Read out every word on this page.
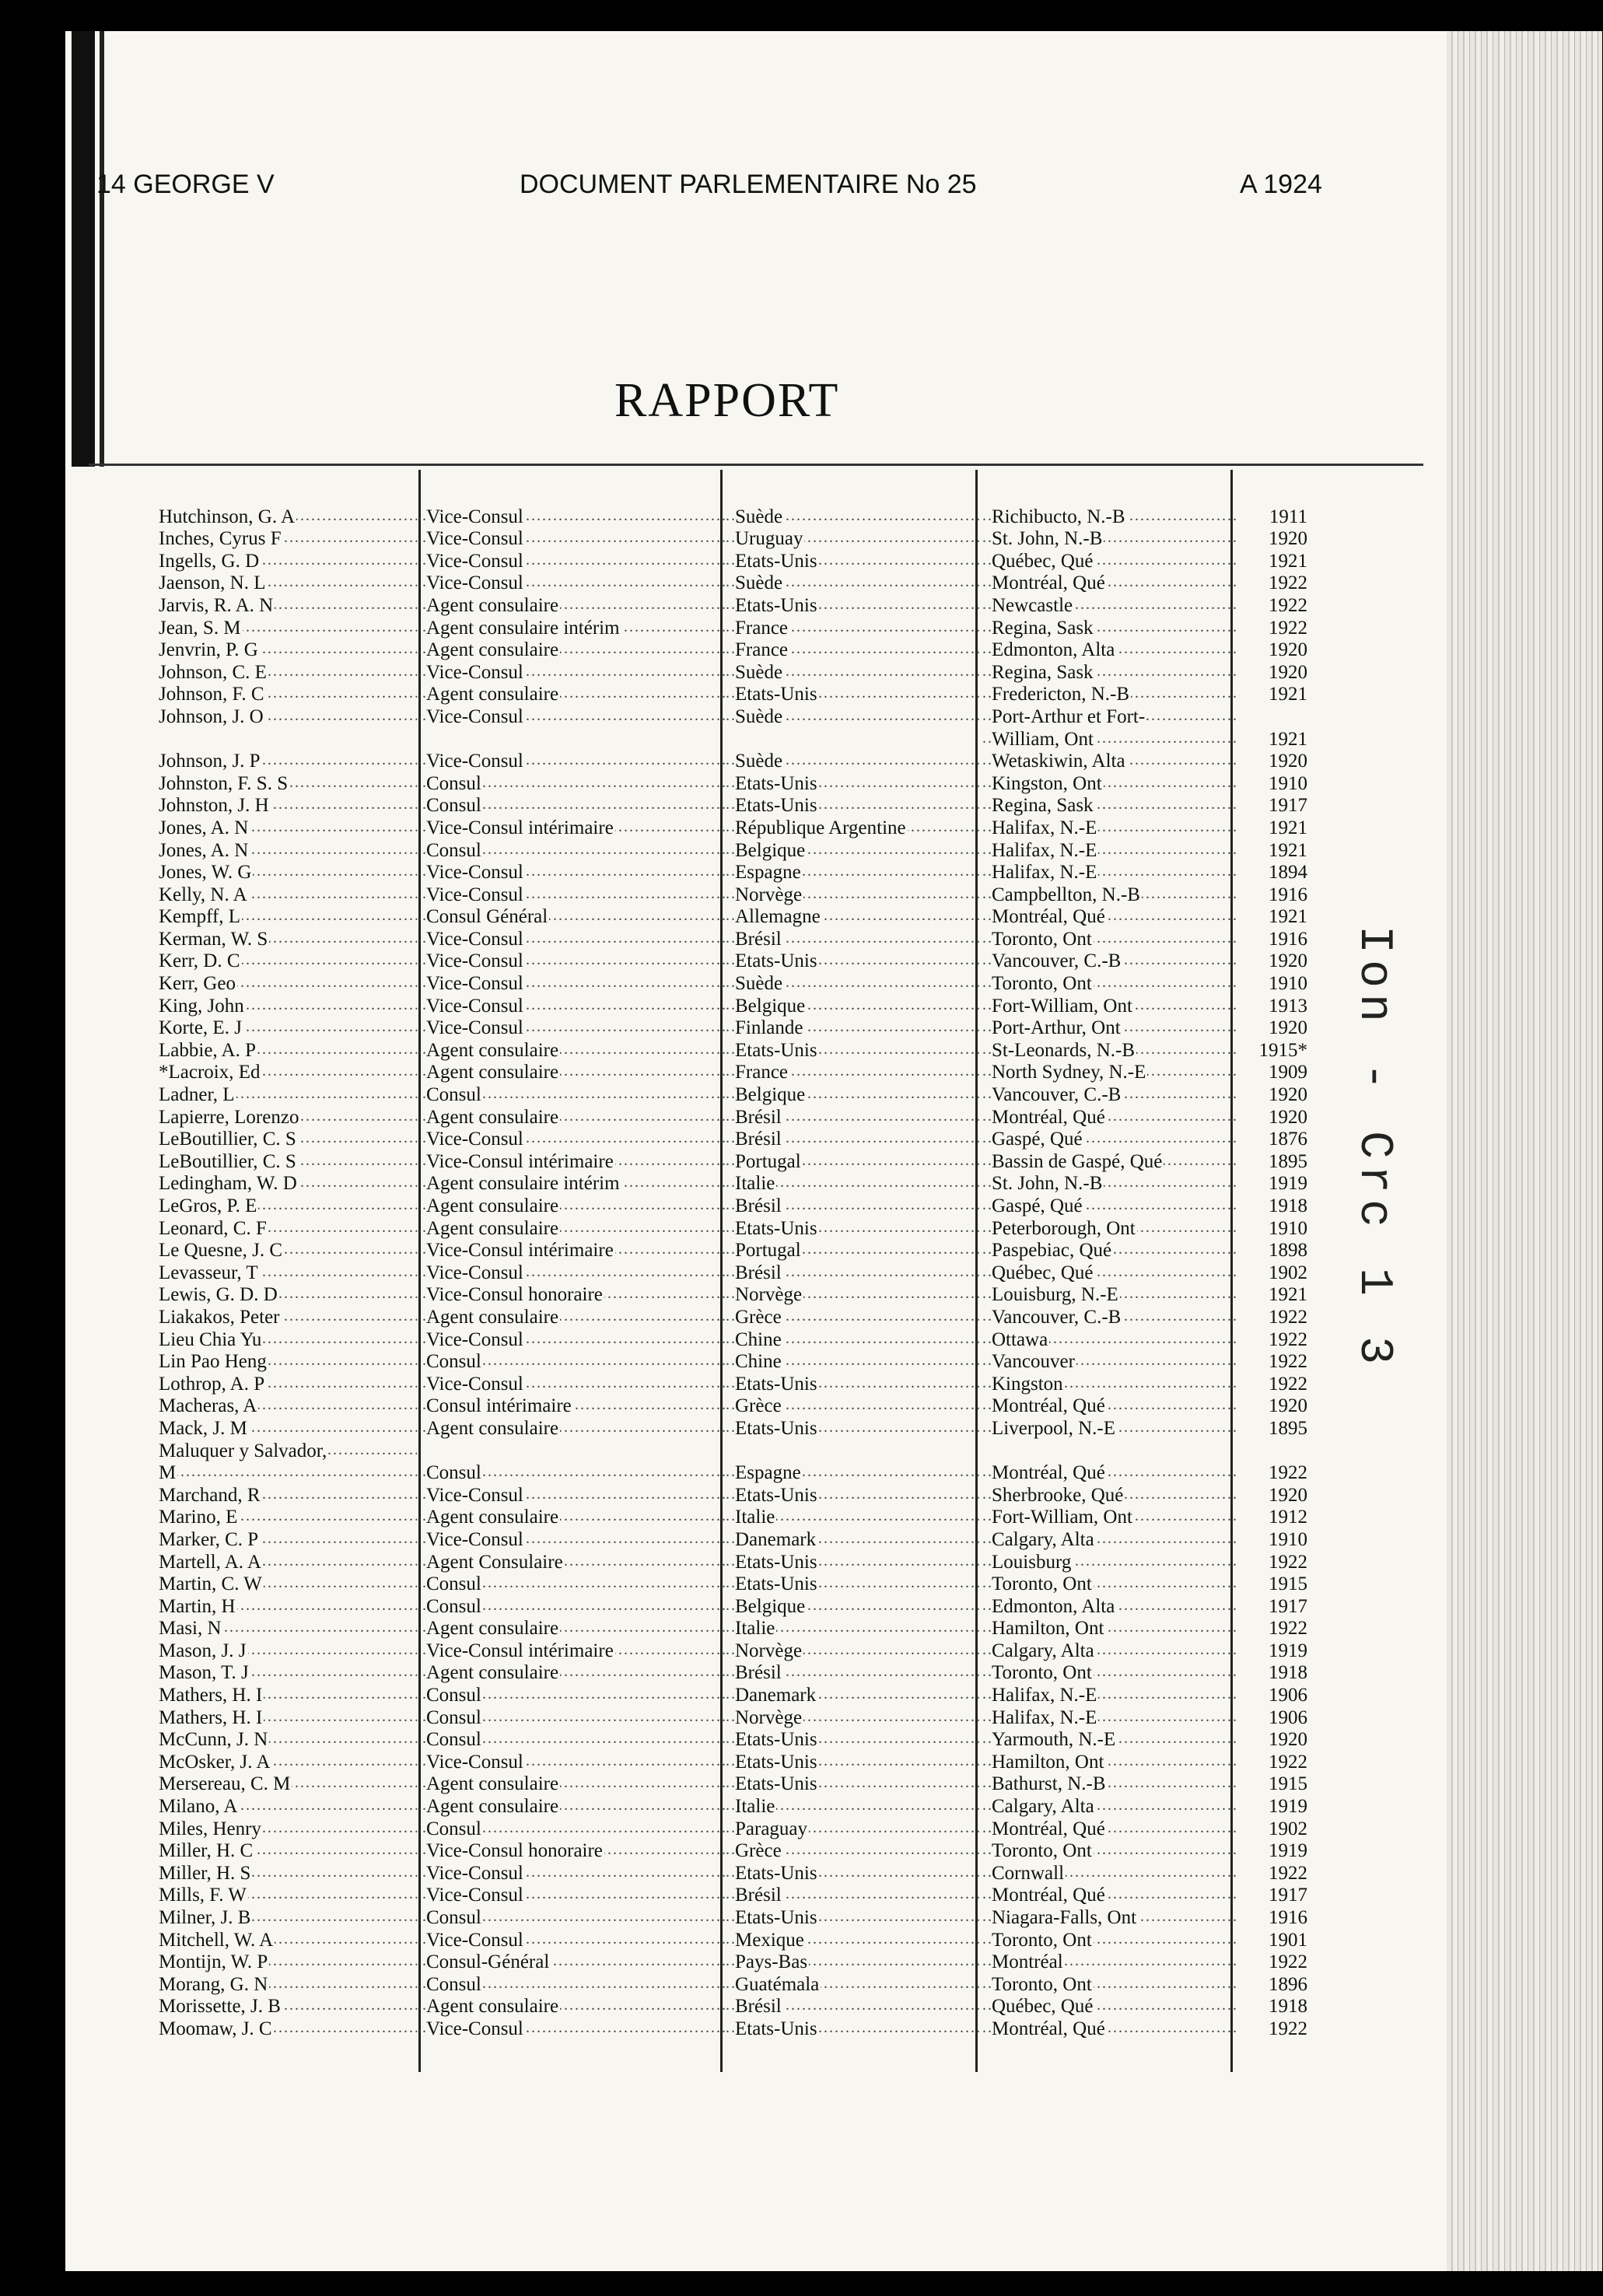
Ion - Crc 1 3
14 GEORGE V	DOCUMENT PARLEMENTAIRE No 25	A 1924
RAPPORT
Hutchinson, G. A .....	Vice-Consul .....	Suède .....	Richibucto, N.-B .....	1911
Inches, Cyrus F .....	Vice-Consul .....	Uruguay .....	St. John, N.-B .....	1920
Ingells, G. D .....	Vice-Consul .....	Etats-Unis .....	Québec, Qué .....	1921
Jaenson, N. L .....	Vice-Consul .....	Suède .....	Montréal, Qué .....	1922
Jarvis, R. A. N .....	Agent consulaire .....	Etats-Unis .....	Newcastle .....	1922
Jean, S. M .....	Agent consulaire intérim .....	France .....	Regina, Sask .....	1922
Jenvrin, P. G .....	Agent consulaire .....	France .....	Edmonton, Alta .....	1920
Johnson, C. E .....	Vice-Consul .....	Suède .....	Regina, Sask .....	1920
Johnson, F. C .....	Agent consulaire .....	Etats-Unis .....	Fredericton, N.-B .....	1921
Johnson, J. O .....	Vice-Consul .....	Suède .....	Port-Arthur et Fort- .....
William, Ont .....	1921
Johnson, J. P .....	Vice-Consul .....	Suède .....	Wetaskiwin, Alta .....	1920
Johnston, F. S. S .....	Consul .....	Etats-Unis .....	Kingston, Ont .....	1910
Johnston, J. H .....	Consul .....	Etats-Unis .....	Regina, Sask .....	1917
Jones, A. N .....	Vice-Consul intérimaire .....	République Argentine .....	Halifax, N.-E .....	1921
Jones, A. N .....	Consul .....	Belgique .....	Halifax, N.-E .....	1921
Jones, W. G .....	Vice-Consul .....	Espagne .....	Halifax, N.-E .....	1894
Kelly, N. A .....	Vice-Consul .....	Norvège .....	Campbellton, N.-B .....	1916
Kempff, L .....	Consul Général .....	Allemagne .....	Montréal, Qué .....	1921
Kerman, W. S .....	Vice-Consul .....	Brésil .....	Toronto, Ont .....	1916
Kerr, D. C .....	Vice-Consul .....	Etats-Unis .....	Vancouver, C.-B .....	1920
Kerr, Geo .....	Vice-Consul .....	Suède .....	Toronto, Ont .....	1910
King, John .....	Vice-Consul .....	Belgique .....	Fort-William, Ont .....	1913
Korte, E. J .....	Vice-Consul .....	Finlande .....	Port-Arthur, Ont .....	1920
Labbie, A. P .....	Agent consulaire .....	Etats-Unis .....	St-Leonards, N.-B .....	1915*
*Lacroix, Ed .....	Agent consulaire .....	France .....	North Sydney, N.-E .....	1909
Ladner, L .....	Consul .....	Belgique .....	Vancouver, C.-B .....	1920
Lapierre, Lorenzo .....	Agent consulaire .....	Brésil .....	Montréal, Qué .....	1920
LeBoutillier, C. S .....	Vice-Consul .....	Brésil .....	Gaspé, Qué .....	1876
LeBoutillier, C. S .....	Vice-Consul intérimaire .....	Portugal .....	Bassin de Gaspé, Qué .....	1895
Ledingham, W. D .....	Agent consulaire intérim .....	Italie .....	St. John, N.-B .....	1919
LeGros, P. E .....	Agent consulaire .....	Brésil .....	Gaspé, Qué .....	1918
Leonard, C. F .....	Agent consulaire .....	Etats-Unis .....	Peterborough, Ont .....	1910
Le Quesne, J. C .....	Vice-Consul intérimaire .....	Portugal .....	Paspebiac, Qué .....	1898
Levasseur, T .....	Vice-Consul .....	Brésil .....	Québec, Qué .....	1902
Lewis, G. D. D .....	Vice-Consul honoraire .....	Norvège .....	Louisburg, N.-E .....	1921
Liakakos, Peter .....	Agent consulaire .....	Grèce .....	Vancouver, C.-B .....	1922
Lieu Chia Yu .....	Vice-Consul .....	Chine .....	Ottawa .....	1922
Lin Pao Heng .....	Consul .....	Chine .....	Vancouver .....	1922
Lothrop, A. P .....	Vice-Consul .....	Etats-Unis .....	Kingston .....	1922
Macheras, A .....	Consul intérimaire .....	Grèce .....	Montréal, Qué .....	1920
Mack, J. M .....	Agent consulaire .....	Etats-Unis .....	Liverpool, N.-E .....	1895
Maluquer y Salvador, .....
M .....	Consul .....	Espagne .....	Montréal, Qué .....	1922
Marchand, R .....	Vice-Consul .....	Etats-Unis .....	Sherbrooke, Qué .....	1920
Marino, E .....	Agent consulaire .....	Italie .....	Fort-William, Ont .....	1912
Marker, C. P .....	Vice-Consul .....	Danemark .....	Calgary, Alta .....	1910
Martell, A. A .....	Agent Consulaire .....	Etats-Unis .....	Louisburg .....	1922
Martin, C. W .....	Consul .....	Etats-Unis .....	Toronto, Ont .....	1915
Martin, H .....	Consul .....	Belgique .....	Edmonton, Alta .....	1917
Masi, N .....	Agent consulaire .....	Italie .....	Hamilton, Ont .....	1922
Mason, J. J .....	Vice-Consul intérimaire .....	Norvège .....	Calgary, Alta .....	1919
Mason, T. J .....	Agent consulaire .....	Brésil .....	Toronto, Ont .....	1918
Mathers, H. I .....	Consul .....	Danemark .....	Halifax, N.-E .....	1906
Mathers, H. I .....	Consul .....	Norvège .....	Halifax, N.-E .....	1906
McCunn, J. N .....	Consul .....	Etats-Unis .....	Yarmouth, N.-E .....	1920
McOsker, J. A .....	Vice-Consul .....	Etats-Unis .....	Hamilton, Ont .....	1922
Mersereau, C. M .....	Agent consulaire .....	Etats-Unis .....	Bathurst, N.-B .....	1915
Milano, A .....	Agent consulaire .....	Italie .....	Calgary, Alta .....	1919
Miles, Henry .....	Consul .....	Paraguay .....	Montréal, Qué .....	1902
Miller, H. C .....	Vice-Consul honoraire .....	Grèce .....	Toronto, Ont .....	1919
Miller, H. S .....	Vice-Consul .....	Etats-Unis .....	Cornwall .....	1922
Mills, F. W .....	Vice-Consul .....	Brésil .....	Montréal, Qué .....	1917
Milner, J. B .....	Consul .....	Etats-Unis .....	Niagara-Falls, Ont .....	1916
Mitchell, W. A .....	Vice-Consul .....	Mexique .....	Toronto, Ont .....	1901
Montijn, W. P .....	Consul-Général .....	Pays-Bas .....	Montréal .....	1922
Morang, G. N .....	Consul .....	Guatémala .....	Toronto, Ont .....	1896
Morissette, J. B .....	Agent consulaire .....	Brésil .....	Québec, Qué .....	1918
Moomaw, J. C .....	Vice-Consul .....	Etats-Unis .....	Montréal, Qué .....	1922
